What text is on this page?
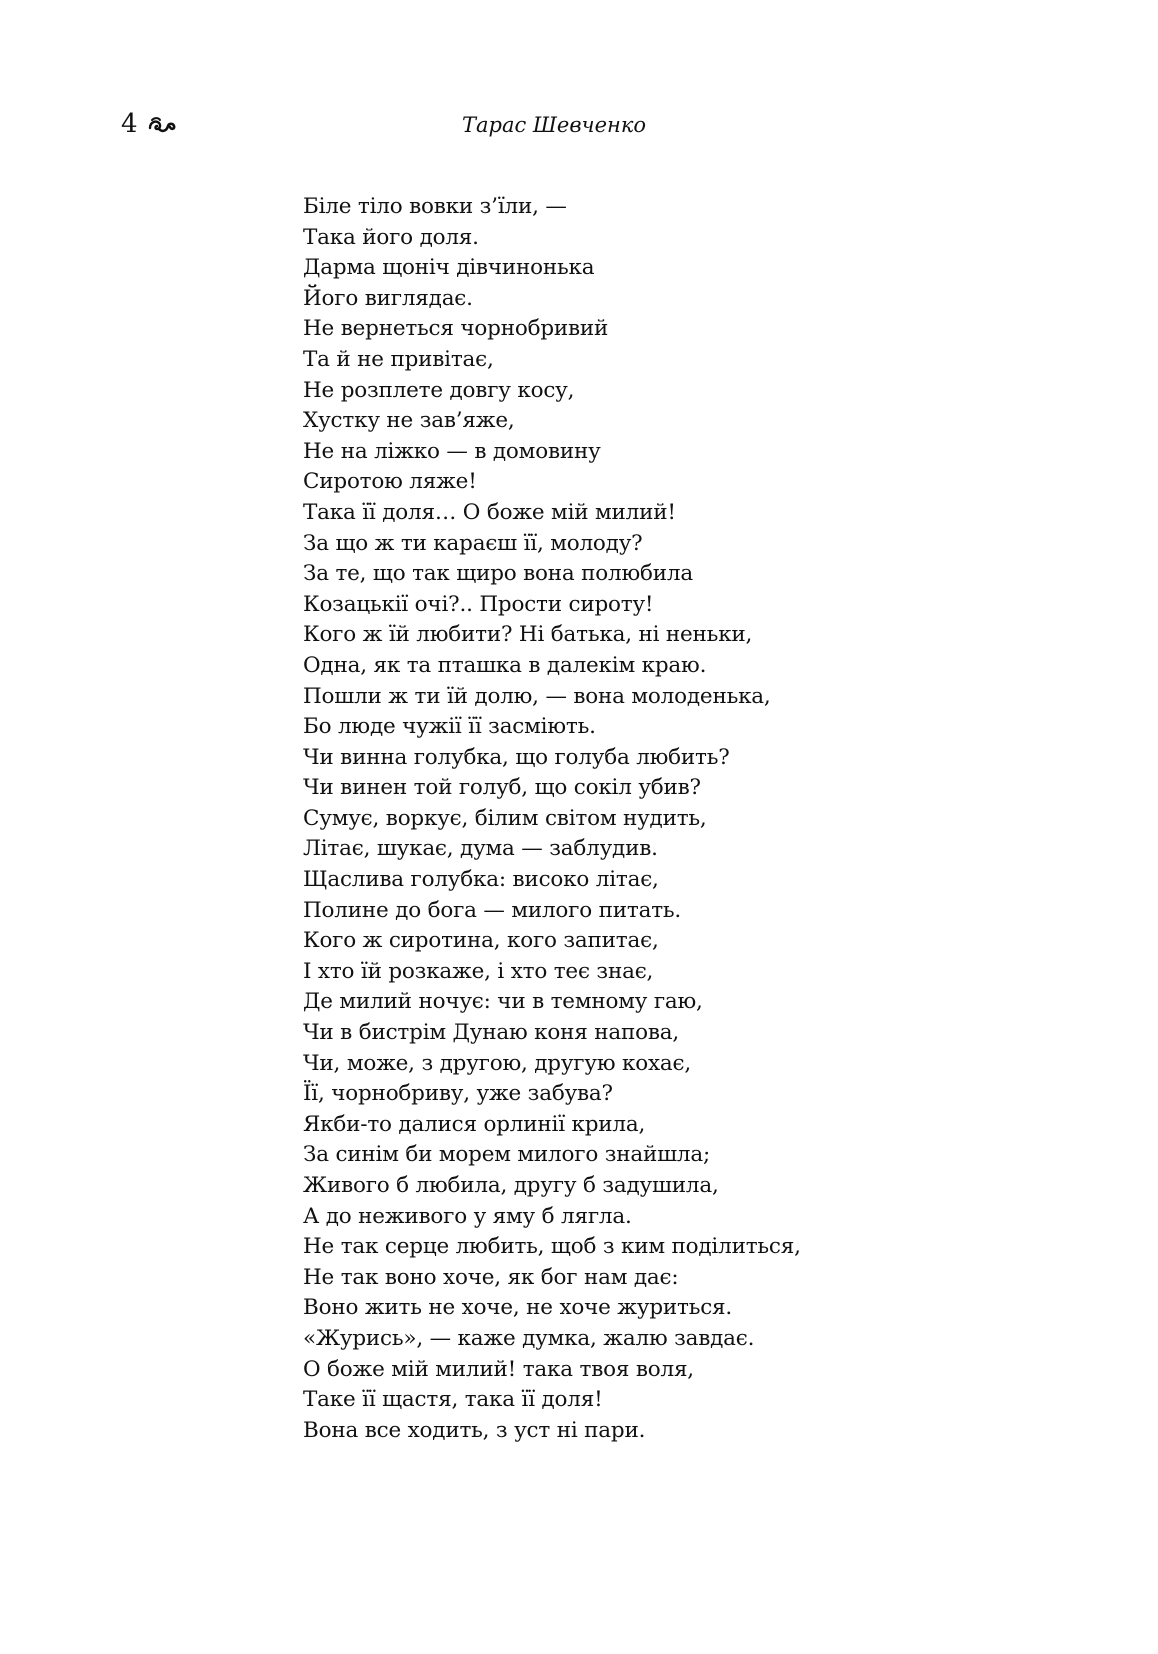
4	Тарас Шевченко
Біле тіло вовки з’їли, —
Така його доля.
Дарма щоніч дівчинонька
Його виглядає.
Не вернеться чорнобривий
Та й не привітає,
Не розплете довгу косу,
Хустку не зав’яже,
Не на ліжко — в домовину
Сиротою ляже!
Така її доля… О боже мій милий!
За що ж ти караєш її, молоду?
За те, що так щиро вона полюбила
Козацькії очі?.. Прости сироту!
Кого ж їй любити? Ні батька, ні неньки,
Одна, як та пташка в далекім краю.
Пошли ж ти їй долю, — вона молоденька,
Бо люде чужії її засміють.
Чи винна голубка, що голуба любить?
Чи винен той голуб, що сокіл убив?
Сумує, воркує, білим світом нудить,
Літає, шукає, дума — заблудив.
Щаслива голубка: високо літає,
Полине до бога — милого питать.
Кого ж сиротина, кого запитає,
І хто їй розкаже, і хто теє знає,
Де милий ночує: чи в темному гаю,
Чи в бистрім Дунаю коня напова,
Чи, може, з другою, другую кохає,
Її, чорнобриву, уже забува?
Якби-то далися орлинії крила,
За синім би морем милого знайшла;
Живого б любила, другу б задушила,
А до неживого у яму б лягла.
Не так серце любить, щоб з ким поділиться,
Не так воно хоче, як бог нам дає:
Воно жить не хоче, не хоче журиться.
«Журись», — каже думка, жалю завдає.
О боже мій милий! така твоя воля,
Таке її щастя, така її доля!
Вона все ходить, з уст ні пари.
